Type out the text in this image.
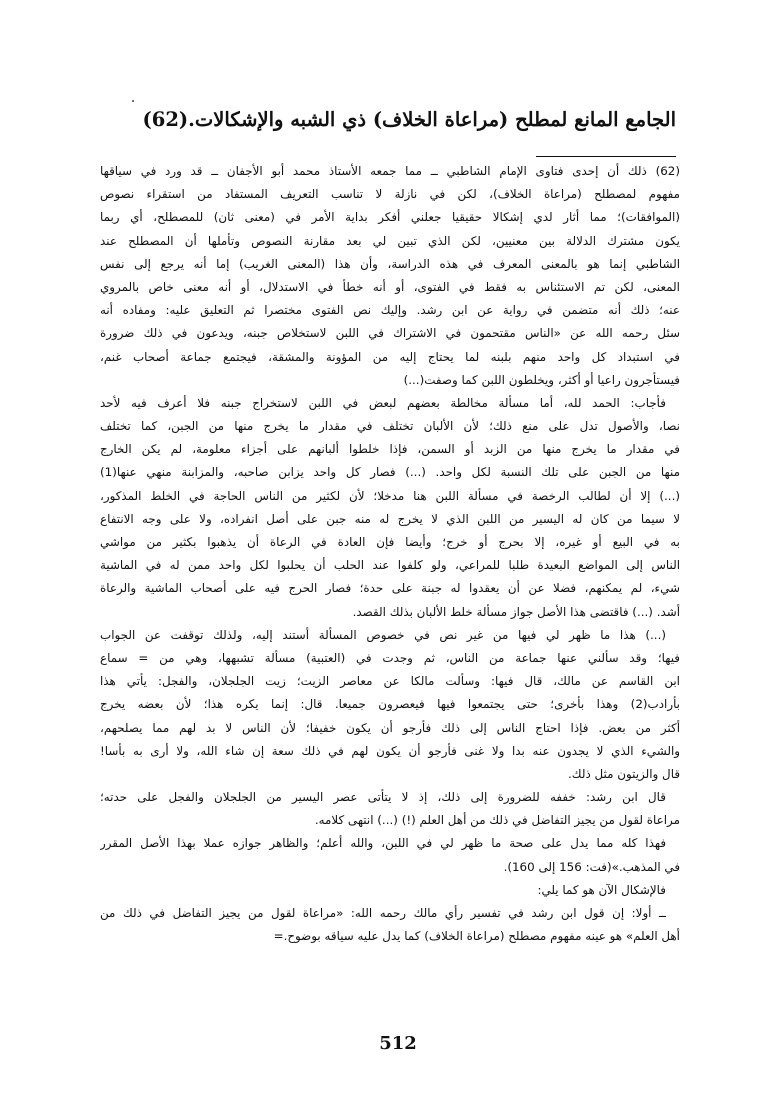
الجامع المانع لمطلح (مراعاة الخلاف) ذي الشبه والإشكالات.(62)
(62) ذلك أن إحدى فتاوى الإمام الشاطبي ــ مما جمعه الأستاذ محمد أبو الأجفان ــ قد ورد في سياقها
مفهوم لمصطلح (مراعاة الخلاف)، لكن في نازلة لا تناسب التعريف المستفاد من استقراء نصوص
(الموافقات)؛ مما أثار لدي إشكالا حقيقيا جعلني أفكر بداية الأمر في (معنى ثان) للمصطلح، أي ربما
يكون مشترك الدلالة بين معنيين، لكن الذي تبين لي بعد مقارنة النصوص وتأملها أن المصطلح عند
الشاطبي إنما هو بالمعنى المعرف في هذه الدراسة، وأن هذا (المعنى الغريب) إما أنه يرجع إلى نفس
المعنى، لكن تم الاستئناس به فقط في الفتوى، أو أنه خطأ في الاستدلال، أو أنه معنى خاص بالمروي
عنه؛ ذلك أنه متضمن في رواية عن ابن رشد. وإليك نص الفتوى مختصرا ثم التعليق عليه: ومفاده أنه
سئل رحمه الله عن «الناس مقتحمون في الاشتراك في اللبن لاستخلاص جبنه، ويدعون في ذلك ضرورة
في استبداد كل واحد منهم بلبنه لما يحتاج إليه من المؤونة والمشقة، فيجتمع جماعة أصحاب غنم،
فيستأجرون راعيا أو أكثر، ويخلطون اللبن كما وصفت(...)
فأجاب: الحمد لله، أما مسألة مخالطة بعضهم لبعض في اللبن لاستخراج جبنه فلا أعرف فيه لأحد
نصا، والأصول تدل على منع ذلك؛ لأن الألبان تختلف في مقدار ما يخرج منها من الجبن، كما تختلف
في مقدار ما يخرج منها من الزبد أو السمن، فإذا خلطوا ألبانهم على أجزاء معلومة، لم يكن الخارج
منها من الجبن على تلك النسبة لكل واحد. (...) فصار كل واحد يزابن صاحبه، والمزابنة منهي عنها(1)
(...) إلا أن لطالب الرخصة في مسألة اللبن هنا مدخلا؛ لأن لكثير من الناس الحاجة في الخلط المذكور،
لا سيما من كان له اليسير من اللبن الذي لا يخرج له منه جبن على أصل انفراده، ولا على وجه الانتفاع
به في البيع أو غيره، إلا بحرج أو خرج؛ وأيضا فإن العادة في الرعاة أن يذهبوا بكثير من مواشي
الناس إلى المواضع البعيدة طلبا للمراعي، ولو كلفوا عند الحلب أن يحلبوا لكل واحد ممن له في الماشية
شيء، لم يمكنهم، فضلا عن أن يعقدوا له جبنة على حدة؛ فصار الحرج فيه على أصحاب الماشية والرعاة
أشد. (...) فاقتضى هذا الأصل جواز مسألة خلط الألبان بذلك القصد.
(...) هذا ما ظهر لي فيها من غير نص في خصوص المسألة أستند إليه، ولذلك توقفت عن الجواب
فيها؛ وقد سألني عنها جماعة من الناس، ثم وجدت في (العتبية) مسألة تشبهها، وهي من = سماع
ابن القاسم عن مالك، قال فيها: وسألت مالكا عن معاصر الزيت؛ زيت الجلجلان، والفجل: يأتي هذا
بأرادب(2) وهذا بأخرى؛ حتى يجتمعوا فيها فيعصرون جميعا. قال: إنما يكره هذا؛ لأن بعضه يخرج
أكثر من بعض. فإذا احتاج الناس إلى ذلك فأرجو أن يكون خفيفا؛ لأن الناس لا بد لهم مما يصلحهم،
والشيء الذي لا يجدون عنه بدا ولا غنى فأرجو أن يكون لهم في ذلك سعة إن شاء الله، ولا أرى به بأسا!
قال والزيتون مثل ذلك.
قال ابن رشد: خففه للضرورة إلى ذلك، إذ لا يتأتى عصر اليسير من الجلجلان والفجل على حدته؛
مراعاة لقول من يجيز التفاضل في ذلك من أهل العلم (!) (...) انتهى كلامه.
فهذا كله مما يدل على صحة ما ظهر لي في اللبن، والله أعلم؛ والظاهر جوازه عملا بهذا الأصل المقرر
في المذهب.»(فت: 156 إلى 160).
فالإشكال الآن هو كما يلي:
ــ أولا: إن قول ابن رشد في تفسير رأي مالك رحمه الله: «مراعاة لقول من يجيز التفاضل في ذلك من
أهل العلم» هو عينه مفهوم مصطلح (مراعاة الخلاف) كما يدل عليه سياقه بوضوح.=
512
